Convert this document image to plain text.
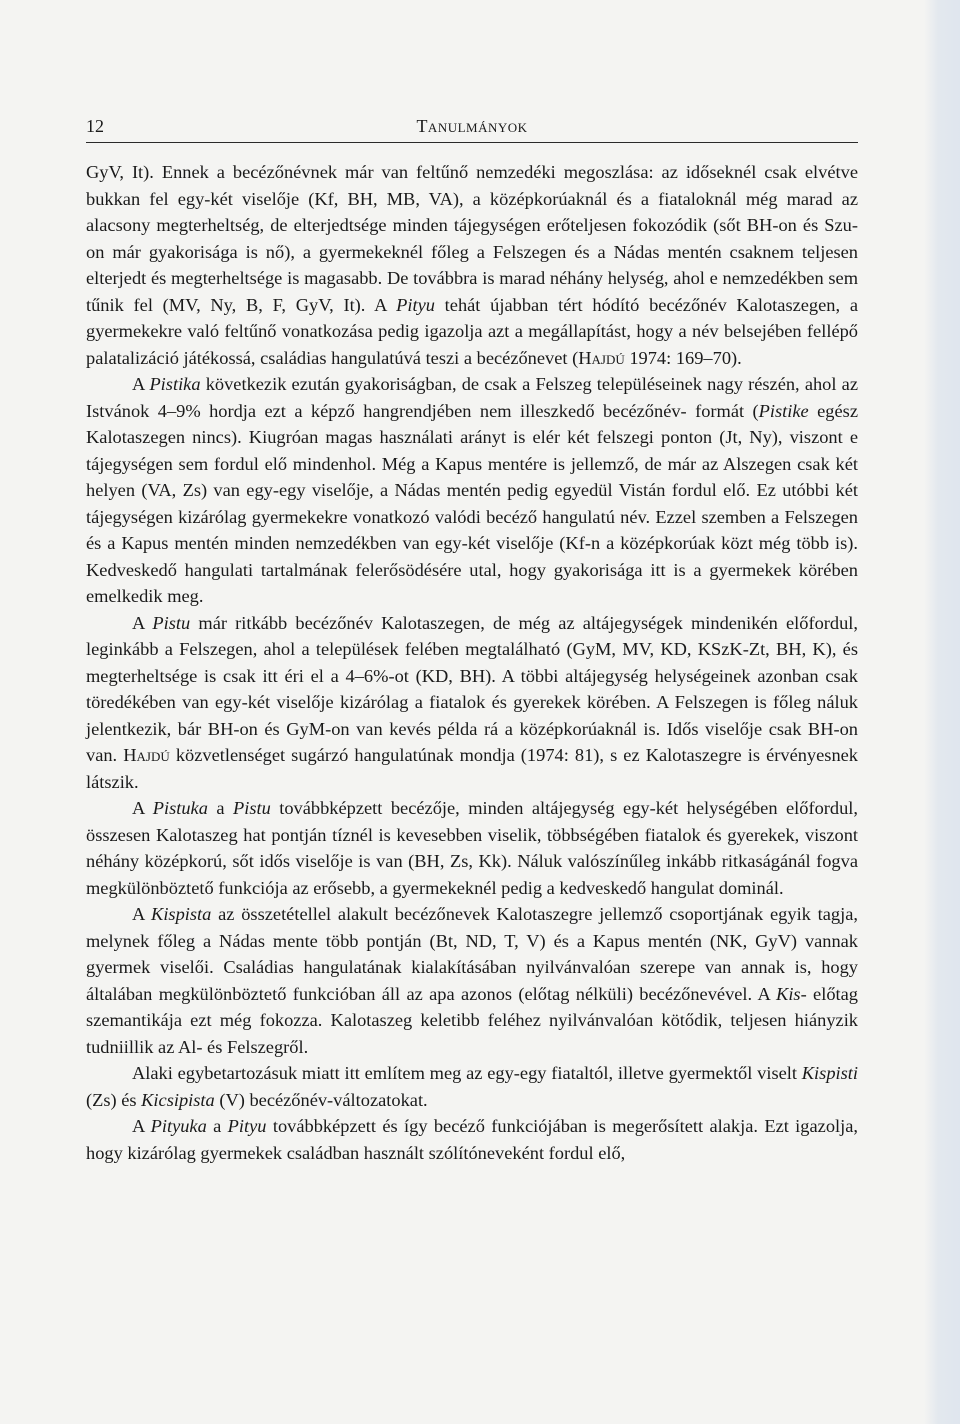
12	Tanulmányok

GyV, It). Ennek a becézőnévnek már van feltűnő nemzedéki megoszlása: az időseknél csak elvétve bukkan fel egy-két viselője (Kf, BH, MB, VA), a középkorúaknál és a fiataloknál még marad az alacsony megterheltség, de elterjedtsége minden tájegységen erőteljesen fokozódik (sőt BH-on és Szu-on már gyakorisága is nő), a gyermekeknél főleg a Felszegen és a Nádas mentén csaknem teljesen elterjedt és megterheltsége is magasabb. De továbbra is marad néhány helység, ahol e nemzedékben sem tűnik fel (MV, Ny, B, F, GyV, It). A Pityu tehát újabban tért hódító becézőnév Kalotaszegen, a gyermekekre való feltűnő vonatkozása pedig igazolja azt a megállapítást, hogy a név belsejében fellépő palatalizáció játékossá, családias hangulatúvá teszi a becézőnevet (Hajdú 1974: 169–70).

A Pistika következik ezután gyakoriságban, de csak a Felszeg településeinek nagy részén, ahol az Istvánok 4–9% hordja ezt a képző hangrendjében nem illeszkedő becézőnév- formát (Pistike egész Kalotaszegen nincs). Kiugróan magas használati arányt is elér két felszegi ponton (Jt, Ny), viszont e tájegységen sem fordul elő mindenhol. Még a Kapus mentére is jellemző, de már az Alszegen csak két helyen (VA, Zs) van egy-egy viselője, a Nádas mentén pedig egyedül Vistán fordul elő. Ez utóbbi két tájegységen kizárólag gyermekekre vonatkozó valódi becéző hangulatú név. Ezzel szemben a Felszegen és a Kapus mentén minden nemzedékben van egy-két viselője (Kf-n a középkorúak közt még több is). Kedveskedő hangulati tartalmának felerősödésére utal, hogy gyakorisága itt is a gyermekek körében emelkedik meg.

A Pistu már ritkább becézőnév Kalotaszegen, de még az altájegységek mindenikén előfordul, leginkább a Felszegen, ahol a települések felében megtalálható (GyM, MV, KD, KSzK-Zt, BH, K), és megterheltsége is csak itt éri el a 4–6%-ot (KD, BH). A többi altájegység helységeinek azonban csak töredékében van egy-két viselője kizárólag a fiatalok és gyerekek körében. A Felszegen is főleg náluk jelentkezik, bár BH-on és GyM-on van kevés példa rá a középkorúaknál is. Idős viselője csak BH-on van. Hajdú közvetlenséget sugárzó hangulatúnak mondja (1974: 81), s ez Kalotaszegre is érvényesnek látszik.

A Pistuka a Pistu továbbképzett becézője, minden altájegység egy-két helységében előfordul, összesen Kalotaszeg hat pontján tíznél is kevesebben viselik, többségében fiatalok és gyerekek, viszont néhány középkorú, sőt idős viselője is van (BH, Zs, Kk). Náluk valószínűleg inkább ritkaságánál fogva megkülönböztető funkciója az erősebb, a gyermekeknél pedig a kedveskedő hangulat dominál.

A Kispista az összetétellel alakult becézőnevek Kalotaszegre jellemző csoportjának egyik tagja, melynek főleg a Nádas mente több pontján (Bt, ND, T, V) és a Kapus mentén (NK, GyV) vannak gyermek viselői. Családias hangulatának kialakításában nyilvánvalóan szerepe van annak is, hogy általában megkülönböztető funkcióban áll az apa azonos (előtag nélküli) becézőnevével. A Kis- előtag szemantikája ezt még fokozza. Kalotaszeg keletibb feléhez nyilvánvalóan kötődik, teljesen hiányzik tudniillik az Al- és Felszegről.

Alaki egybetartozásuk miatt itt említem meg az egy-egy fiataltól, illetve gyermektől viselt Kispisti (Zs) és Kicsipista (V) becézőnév-változatokat.

A Pityuka a Pityu továbbképzett és így becéző funkciójában is megerősített alakja. Ezt igazolja, hogy kizárólag gyermekek családban használt szólítóneveként fordul elő,
